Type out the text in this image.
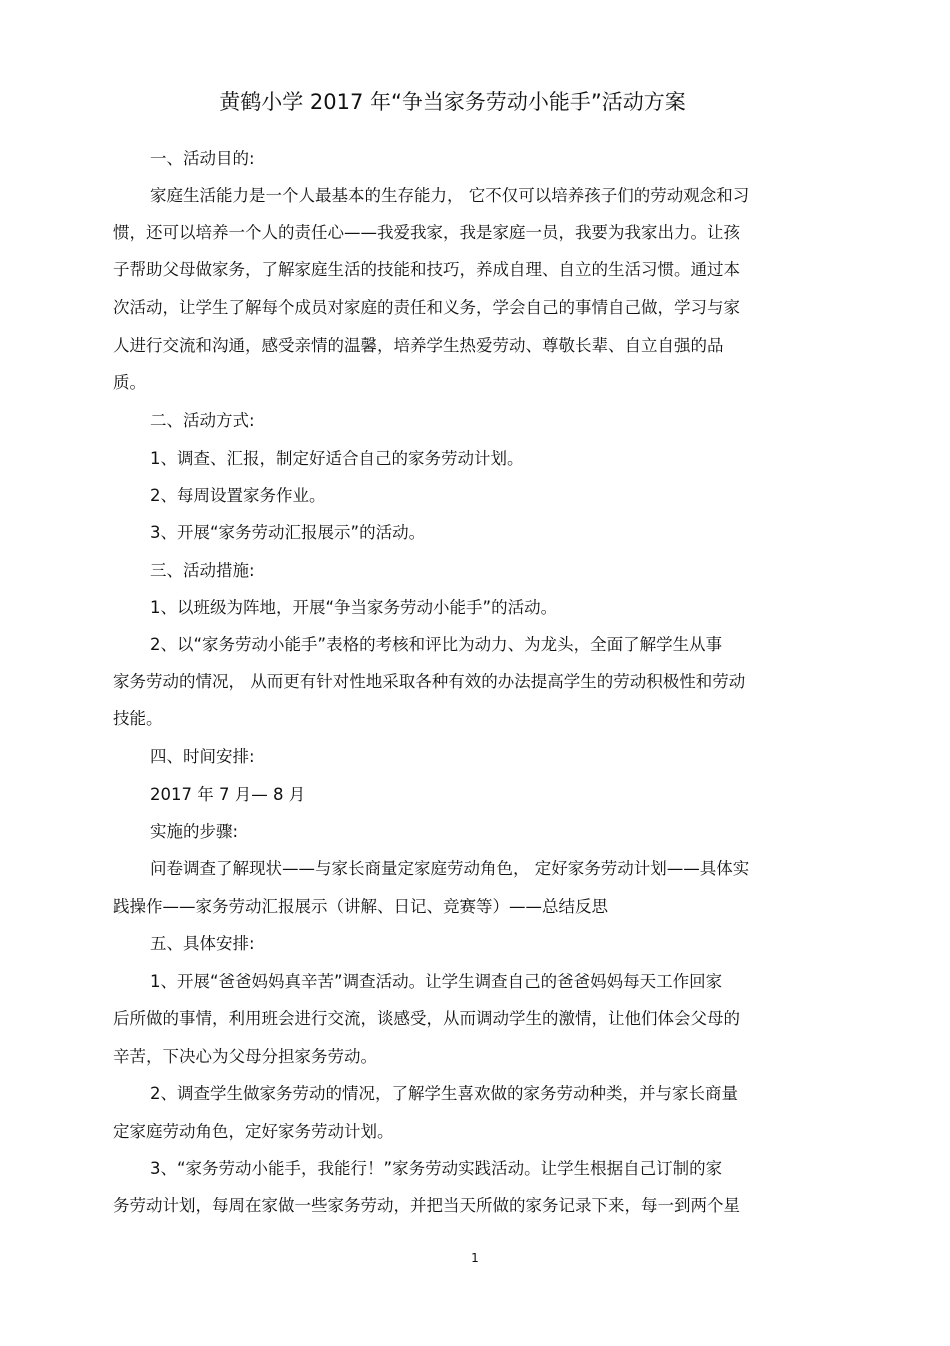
黄鹤小学 2017 年“争当家务劳动小能手”活动方案
一、活动目的:
家庭生活能力是一个人最基本的生存能力， 它不仅可以培养孩子们的劳动观念和习
惯，还可以培养一个人的责任心——我爱我家，我是家庭一员，我要为我家出力。让孩
子帮助父母做家务，了解家庭生活的技能和技巧，养成自理、自立的生活习惯。通过本
次活动，让学生了解每个成员对家庭的责任和义务，学会自己的事情自己做，学习与家
人进行交流和沟通，感受亲情的温馨，培养学生热爱劳动、尊敬长辈、自立自强的品
质。
二、活动方式:
1、调查、汇报，制定好适合自己的家务劳动计划。
2、每周设置家务作业。
3、开展“家务劳动汇报展示”的活动。
三、活动措施:
1、以班级为阵地，开展“争当家务劳动小能手”的活动。
2、以“家务劳动小能手”表格的考核和评比为动力、为龙头，全面了解学生从事
家务劳动的情况， 从而更有针对性地采取各种有效的办法提高学生的劳动积极性和劳动
技能。
四、时间安排:
2017 年 7 月— 8 月
实施的步骤:
问卷调查了解现状——与家长商量定家庭劳动角色， 定好家务劳动计划——具体实
践操作——家务劳动汇报展示（讲解、日记、竞赛等）——总结反思
五、具体安排:
1、开展“爸爸妈妈真辛苦”调查活动。让学生调查自己的爸爸妈妈每天工作回家
后所做的事情，利用班会进行交流，谈感受，从而调动学生的激情，让他们体会父母的
辛苦，下决心为父母分担家务劳动。
2、调查学生做家务劳动的情况，了解学生喜欢做的家务劳动种类，并与家长商量
定家庭劳动角色，定好家务劳动计划。
3、“家务劳动小能手，我能行！”家务劳动实践活动。让学生根据自己订制的家
务劳动计划，每周在家做一些家务劳动，并把当天所做的家务记录下来，每一到两个星
1
